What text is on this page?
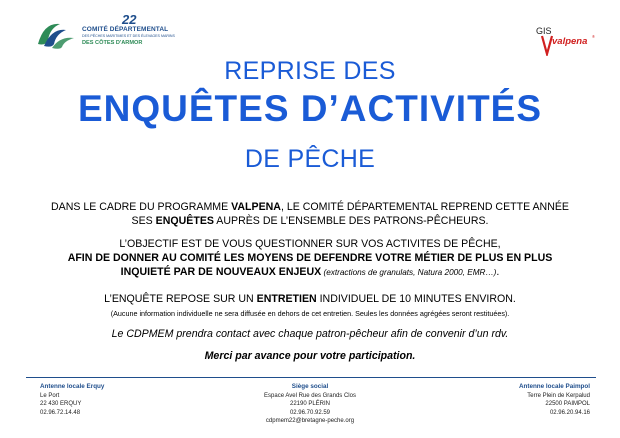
22
COMITÉ DÉPARTEMENTAL
DES PÊCHES MARITIMES ET DES ÉLEVAGES MARINS
DES CÔTES D'ARMOR
GIS
valpena ®
REPRISE DES
ENQUÊTES D’ACTIVITÉS
DE PÊCHE
DANS LE CADRE DU PROGRAMME VALPENA, LE COMITÉ DÉPARTEMENTAL REPREND CETTE ANNÉE
SES ENQUÊTES AUPRÈS DE L’ENSEMBLE DES PATRONS-PÊCHEURS.
L’OBJECTIF EST DE VOUS QUESTIONNER SUR VOS ACTIVITES DE PÊCHE,
AFIN DE DONNER AU COMITÉ LES MOYENS DE DEFENDRE VOTRE MÉTIER DE PLUS EN PLUS
INQUIETÉ PAR DE NOUVEAUX ENJEUX (extractions de granulats, Natura 2000, EMR…).
L’ENQUÊTE REPOSE SUR UN ENTRETIEN INDIVIDUEL DE 10 MINUTES ENVIRON.
(Aucune information individuelle ne sera diffusée en dehors de cet entretien. Seules les données agrégées seront restituées).
Le CDPMEM prendra contact avec chaque patron-pêcheur afin de convenir d’un rdv.
Merci par avance pour votre participation.
Antenne locale Erquy
Le Port
22 430 ERQUY
02.96.72.14.48
Siège social
Espace Avel Rue des Grands Clos
22190 PLÉRIN
02.96.70.92.59
cdpmem22@bretagne-peche.org
Antenne locale Paimpol
Terre Plein de Kerpalud
22500 PAIMPOL
02.96.20.94.16
